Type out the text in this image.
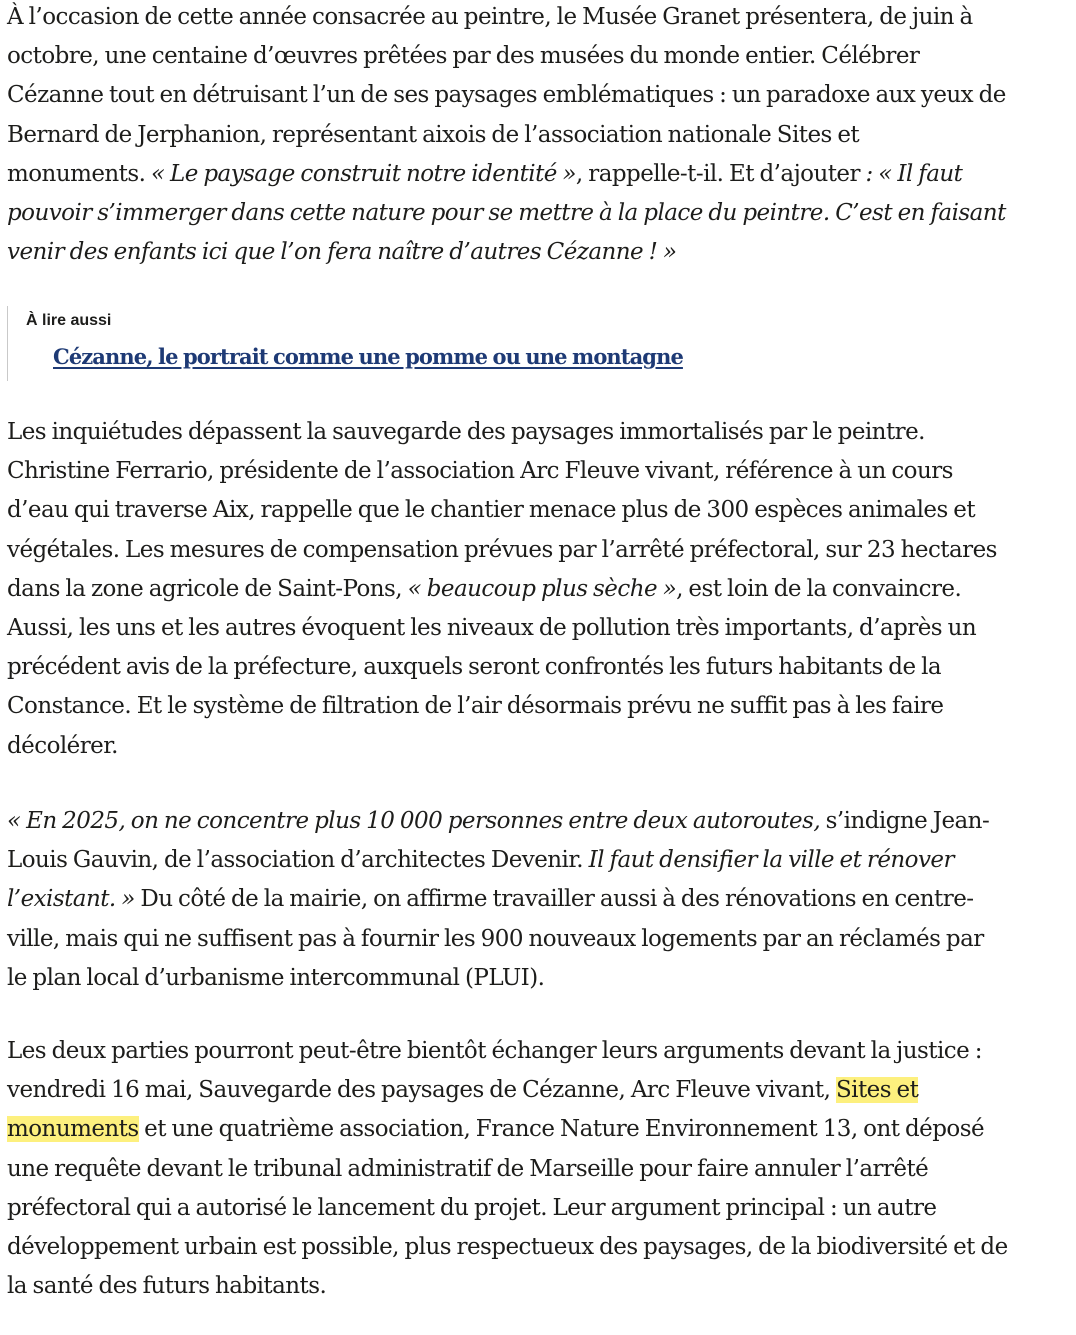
À l’occasion de cette année consacrée au peintre, le Musée Granet présentera, de juin à
octobre, une centaine d’œuvres prêtées par des musées du monde entier. Célébrer
Cézanne tout en détruisant l’un de ses paysages emblématiques : un paradoxe aux yeux de
Bernard de Jerphanion, représentant aixois de l’association nationale Sites et
monuments. « Le paysage construit notre identité », rappelle-t-il. Et d’ajouter : « Il faut
pouvoir s’immerger dans cette nature pour se mettre à la place du peintre. C’est en faisant
venir des enfants ici que l’on fera naître d’autres Cézanne ! »
À lire aussi
Cézanne, le portrait comme une pomme ou une montagne
Les inquiétudes dépassent la sauvegarde des paysages immortalisés par le peintre.
Christine Ferrario, présidente de l’association Arc Fleuve vivant, référence à un cours
d’eau qui traverse Aix, rappelle que le chantier menace plus de 300 espèces animales et
végétales. Les mesures de compensation prévues par l’arrêté préfectoral, sur 23 hectares
dans la zone agricole de Saint-Pons, « beaucoup plus sèche », est loin de la convaincre.
Aussi, les uns et les autres évoquent les niveaux de pollution très importants, d’après un
précédent avis de la préfecture, auxquels seront confrontés les futurs habitants de la
Constance. Et le système de filtration de l’air désormais prévu ne suffit pas à les faire
décolérer.
« En 2025, on ne concentre plus 10 000 personnes entre deux autoroutes, s’indigne Jean-
Louis Gauvin, de l’association d’architectes Devenir. Il faut densifier la ville et rénover
l’existant. » Du côté de la mairie, on affirme travailler aussi à des rénovations en centre-
ville, mais qui ne suffisent pas à fournir les 900 nouveaux logements par an réclamés par
le plan local d’urbanisme intercommunal (PLUI).
Les deux parties pourront peut-être bientôt échanger leurs arguments devant la justice :
vendredi 16 mai, Sauvegarde des paysages de Cézanne, Arc Fleuve vivant, Sites et
monuments et une quatrième association, France Nature Environnement 13, ont déposé
une requête devant le tribunal administratif de Marseille pour faire annuler l’arrêté
préfectoral qui a autorisé le lancement du projet. Leur argument principal : un autre
développement urbain est possible, plus respectueux des paysages, de la biodiversité et de
la santé des futurs habitants.
